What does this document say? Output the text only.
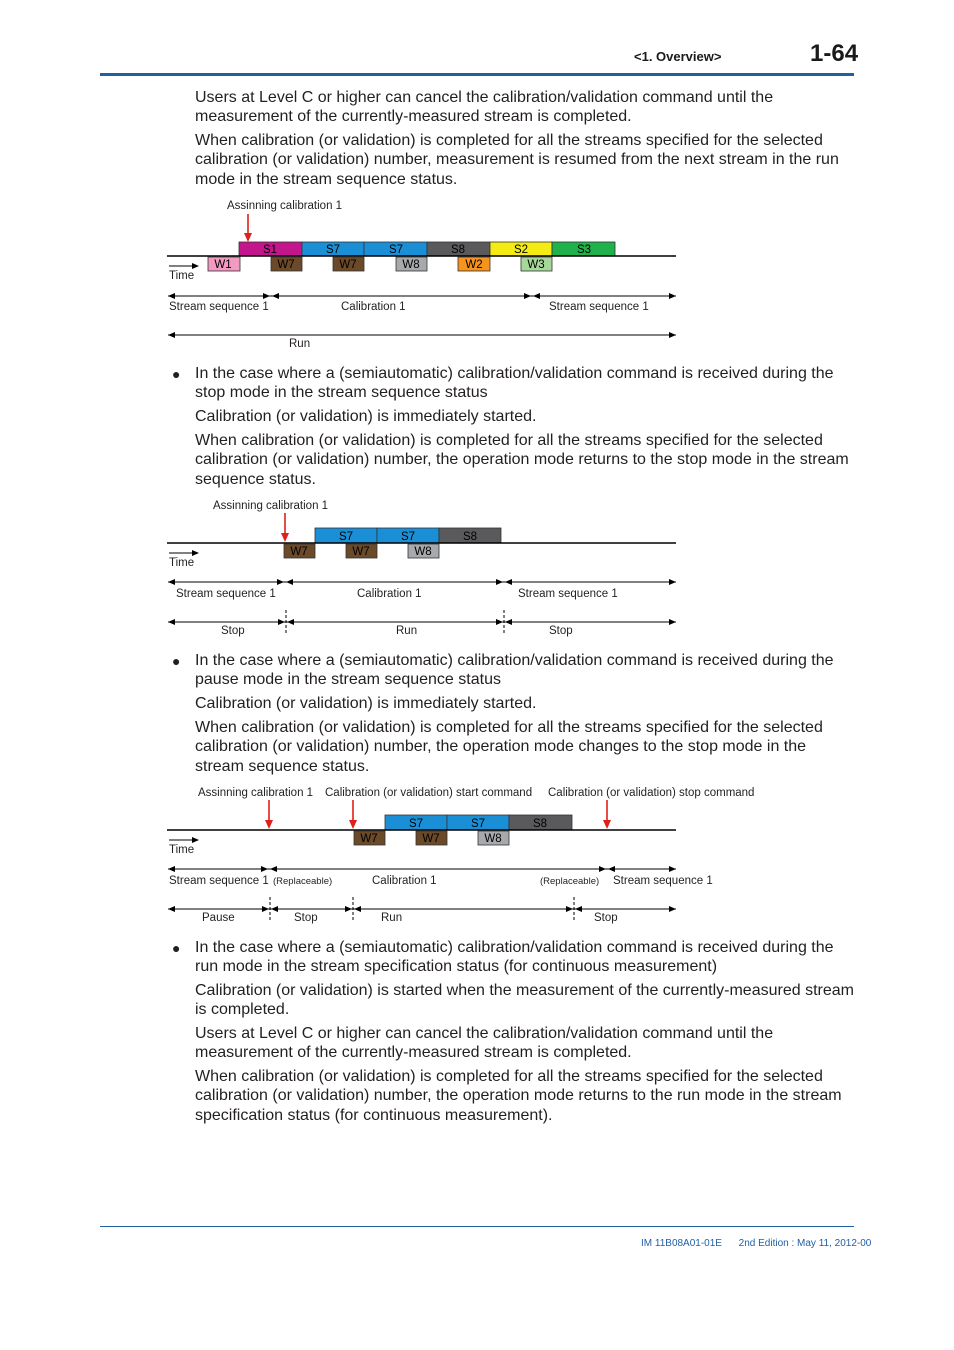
<1. Overview>	1-64

Users at Level C or higher can cancel the calibration/validation command until the measurement of the currently-measured stream is completed.

When calibration (or validation) is completed for all the streams specified for the selected calibration (or validation) number, measurement is resumed from the next stream in the run mode in the stream sequence status.

Assinning calibration 1
S1	S7	S7	S8	S2	S3
W1	W7	W7	W8	W2	W3
Time
Stream sequence 1	Calibration 1	Stream sequence 1
Run
● In the case where a (semiautomatic) calibration/validation command is received during the stop mode in the stream sequence status

Calibration (or validation) is immediately started.

When calibration (or validation) is completed for all the streams specified for the selected calibration (or validation) number, the operation mode returns to the stop mode in the stream sequence status.

Assinning calibration 1
S7	S7	S8
W7	W7	W8
Time
Stream sequence 1	Calibration 1	Stream sequence 1
Stop	Run	Stop
● In the case where a (semiautomatic) calibration/validation command is received during the pause mode in the stream sequence status

Calibration (or validation) is immediately started.

When calibration (or validation) is completed for all the streams specified for the selected calibration (or validation) number, the operation mode changes to the stop mode in the stream sequence status.

Assinning calibration 1 Calibration (or validation) start command Calibration (or validation) stop command
S7	S7	S8
W7	W7	W8
Time
Stream sequence 1 (Replaceable)	Calibration 1	(Replaceable) Stream sequence 1
Pause	Stop	Run	Stop
● In the case where a (semiautomatic) calibration/validation command is received during the run mode in the stream specification status (for continuous measurement)

Calibration (or validation) is started when the measurement of the currently-measured stream is completed.

Users at Level C or higher can cancel the calibration/validation command until the measurement of the currently-measured stream is completed.

When calibration (or validation) is completed for all the streams specified for the selected calibration (or validation) number, the operation mode returns to the run mode in the stream specification status (for continuous measurement).

IM 11B08A01-01E      2nd Edition : May 11, 2012-00
